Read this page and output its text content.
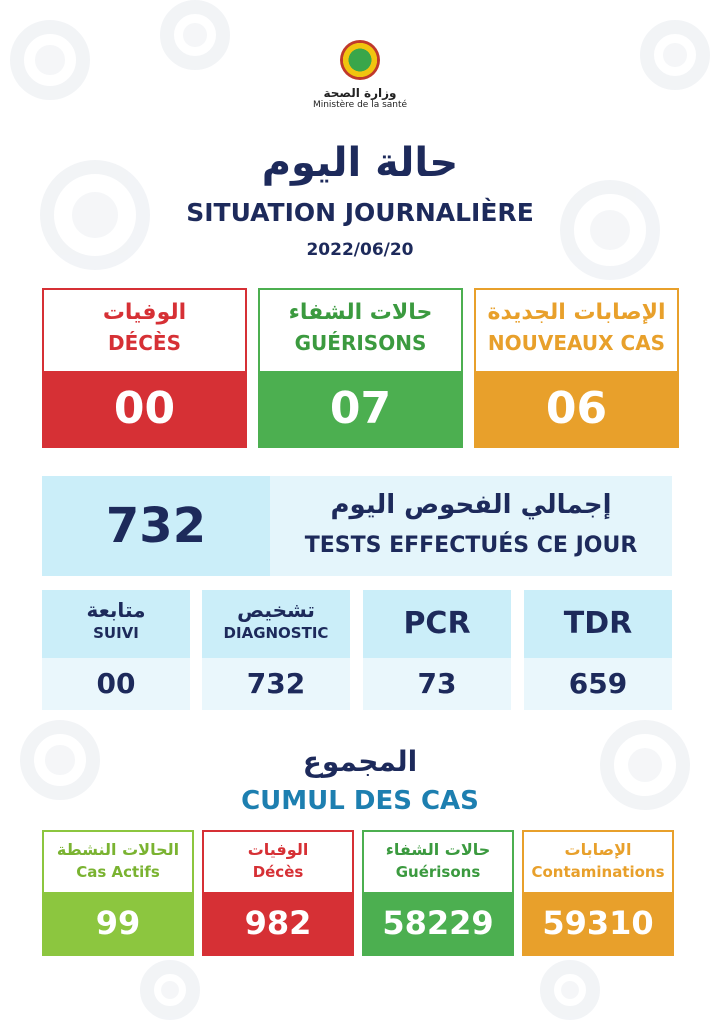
وزارة الصحة
Ministère de la santé
حالة اليوم
SITUATION JOURNALIÈRE
2022/06/20
الوفيات
DÉCÈS
00
حالات الشفاء
GUÉRISONS
07
الإصابات الجديدة
NOUVEAUX CAS
06
732	إجمالي الفحوص اليوم
TESTS EFFECTUÉS CE JOUR
متابعة
SUIVI
00
تشخيص
DIAGNOSTIC
732
PCR
73
TDR
659
المجموع
CUMUL DES CAS
الحالات النشطة
Cas Actifs
99
الوفيات
Décès
982
حالات الشفاء
Guérisons
58229
الإصابات
Contaminations
59310
